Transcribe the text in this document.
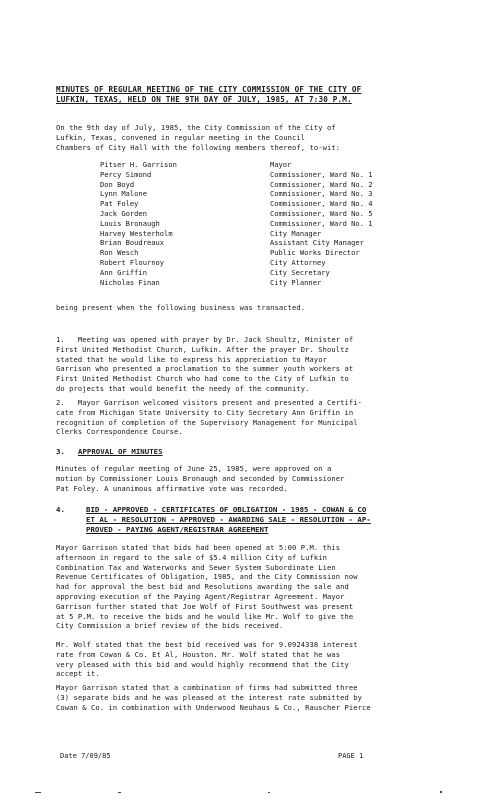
MINUTES OF REGULAR MEETING OF THE CITY COMMISSION OF THE CITY OF
LUFKIN, TEXAS, HELD ON THE 9TH DAY OF JULY, 1985, AT 7:30 P.M.
On the 9th day of July, 1985, the City Commission of the City of
Lufkin, Texas, convened in regular meeting in the Council
Chambers of City Hall with the following members thereof, to-wit:
Pitser H. Garrison	Mayor
Percy Simond	Commissioner, Ward No. 1
Don Boyd	Commissioner, Ward No. 2
Lynn Malone	Commissioner, Ward No. 3
Pat Foley	Commissioner, Ward No. 4
Jack Gorden	Commissioner, Ward No. 5
Louis Bronaugh	Commissioner, Ward No. 1
Harvey Westerholm	City Manager
Brian Boudreaux	Assistant City Manager
Ron Wesch	Public Works Director
Robert Flournoy	City Attorney
Ann Griffin	City Secretary
Nicholas Finan	City Planner
being present when the following business was transacted.
1.   Meeting was opened with prayer by Dr. Jack Shoultz, Minister of
First United Methodist Church, Lufkin. After the prayer Dr. Shoultz
stated that he would like to express his appreciation to Mayor
Garrison who presented a proclamation to the summer youth workers at
First United Methodist Church who had come to the City of Lufkin to
do projects that would benefit the needy of the community.
2.   Mayor Garrison welcomed visitors present and presented a Certifi-
cate from Michigan State University to City Secretary Ann Griffin in
recognition of completion of the Supervisory Management for Municipal
Clerks Correspondence Course.
3. APPROVAL OF MINUTES
Minutes of regular meeting of June 25, 1985, were approved on a
motion by Commissioner Louis Bronaugh and seconded by Commissioner
Pat Foley. A unanimous affirmative vote was recorded.
4.	BID - APPROVED - CERTIFICATES OF OBLIGATION - 1985 - COWAN & CO
ET AL - RESOLUTION - APPROVED - AWARDING SALE - RESOLUTION - AP-
PROVED - PAYING AGENT/REGISTRAR AGREEMENT
Mayor Garrison stated that bids had been opened at 5:00 P.M. this
afternoon in regard to the sale of $5.4 million City of Lufkin
Combination Tax and Waterworks and Sewer System Subordinate Lien
Revenue Certificates of Obligation, 1985, and the City Commission now
had for approval the best bid and Resolutions awarding the sale and
approving execution of the Paying Agent/Registrar Agreement. Mayor
Garrison further stated that Joe Wolf of First Southwest was present
at 5 P.M. to receive the bids and he would like Mr. Wolf to give the
City Commission a brief review of the bids received.
Mr. Wolf stated that the best bid received was for 9.0924338 interest
rate from Cowan & Co. Et Al, Houston. Mr. Wolf stated that he was
very pleased with this bid and would highly recommend that the City
accept it.
Mayor Garrison stated that a combination of firms had submitted three
(3) separate bids and he was pleased at the interest rate submitted by
Cowan & Co. in combination with Underwood Neuhaus & Co., Rauscher Pierce
Date 7/09/85	PAGE 1
